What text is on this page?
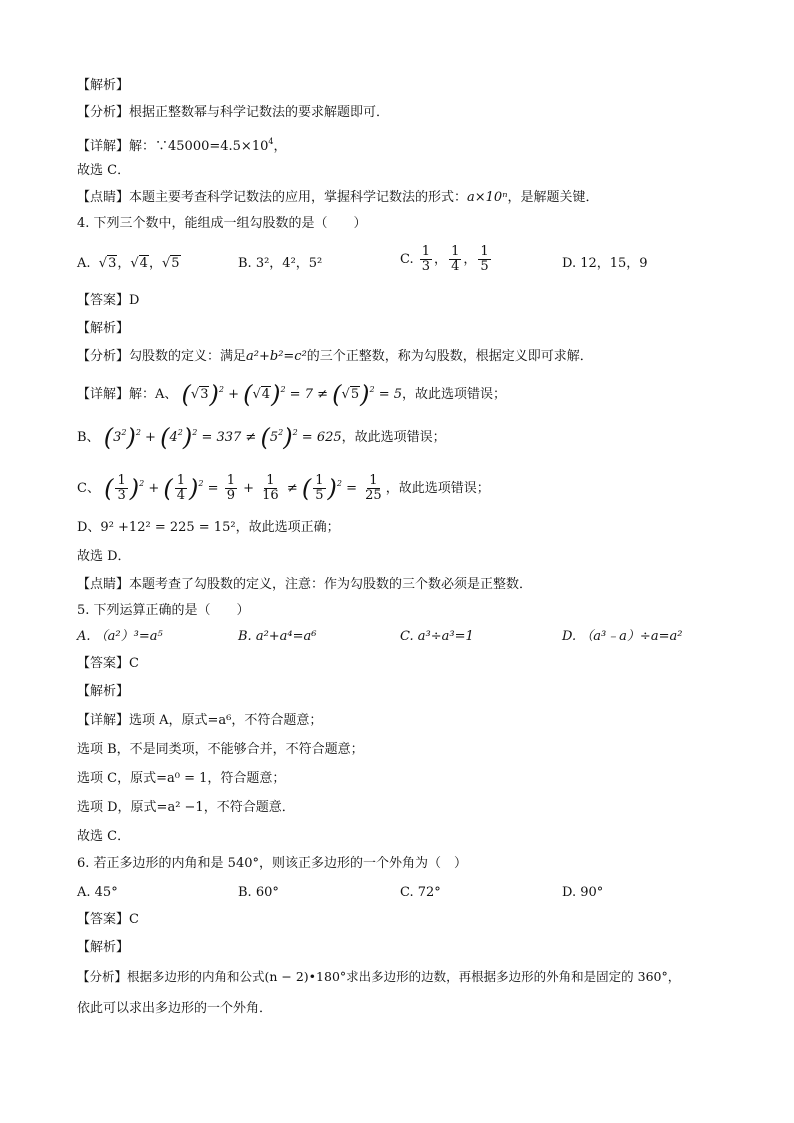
【解析】
【分析】根据正整数幂与科学记数法的要求解题即可．
【详解】解：$\because 45000=4.5\times 10^4$，
故选 C．
【点睛】本题主要考查科学记数法的应用，掌握科学记数法的形式：a×10ⁿ，是解题关键．
4. 下列三个数中，能组成一组勾股数的是（　　）
A.  √3，√4，√5	B. 3²，4²，5²	C. $\frac{1}{3}$ ， $\frac{1}{4}$ ， $\frac{1}{5}$	D. 12，15，9
【答案】D
【解析】
【分析】勾股数的定义：满足a²+b²=c²的三个正整数，称为勾股数，根据定义即可求解．
【详解】解：A、 $(√3)^2 + (√4)^2 = 7 \ne (√5)^2 = 5$，故此选项错误；
B、 $(3^2)^2 + (4^2)^2 = 337 \ne (5^2)^2 = 625$，故此选项错误；
C、 ( $\frac{1}{3} )^2$ + ( $\frac{1}{4} )^2 = \frac{1}{9} + \frac{1}{16}$ ≠ ( $\frac{1}{5} )^2 = \frac{1}{25}$ ，故此选项错误；
D、9² +12² = 225 = 15²，故此选项正确；
故选 D．
【点睛】本题考查了勾股数的定义，注意：作为勾股数的三个数必须是正整数．
5. 下列运算正确的是（　　）
A. （a²）³=a⁵	B. a²+a⁴=a⁶	C. a³÷a³=1	D. （a³﹣a）÷a=a²
【答案】C
【解析】
【详解】选项 A，原式=a⁶，不符合题意；
选项 B，不是同类项，不能够合并，不符合题意；
选项 C，原式=a⁰ = 1，符合题意；
选项 D，原式=a² −1，不符合题意．
故选 C．
6. 若正多边形的内角和是 540°，则该正多边形的一个外角为（　）
A. 45°	B. 60°	C. 72°	D. 90°
【答案】C
【解析】
【分析】根据多边形的内角和公式(n − 2)•180°求出多边形的边数，再根据多边形的外角和是固定的 360°，
依此可以求出多边形的一个外角．
